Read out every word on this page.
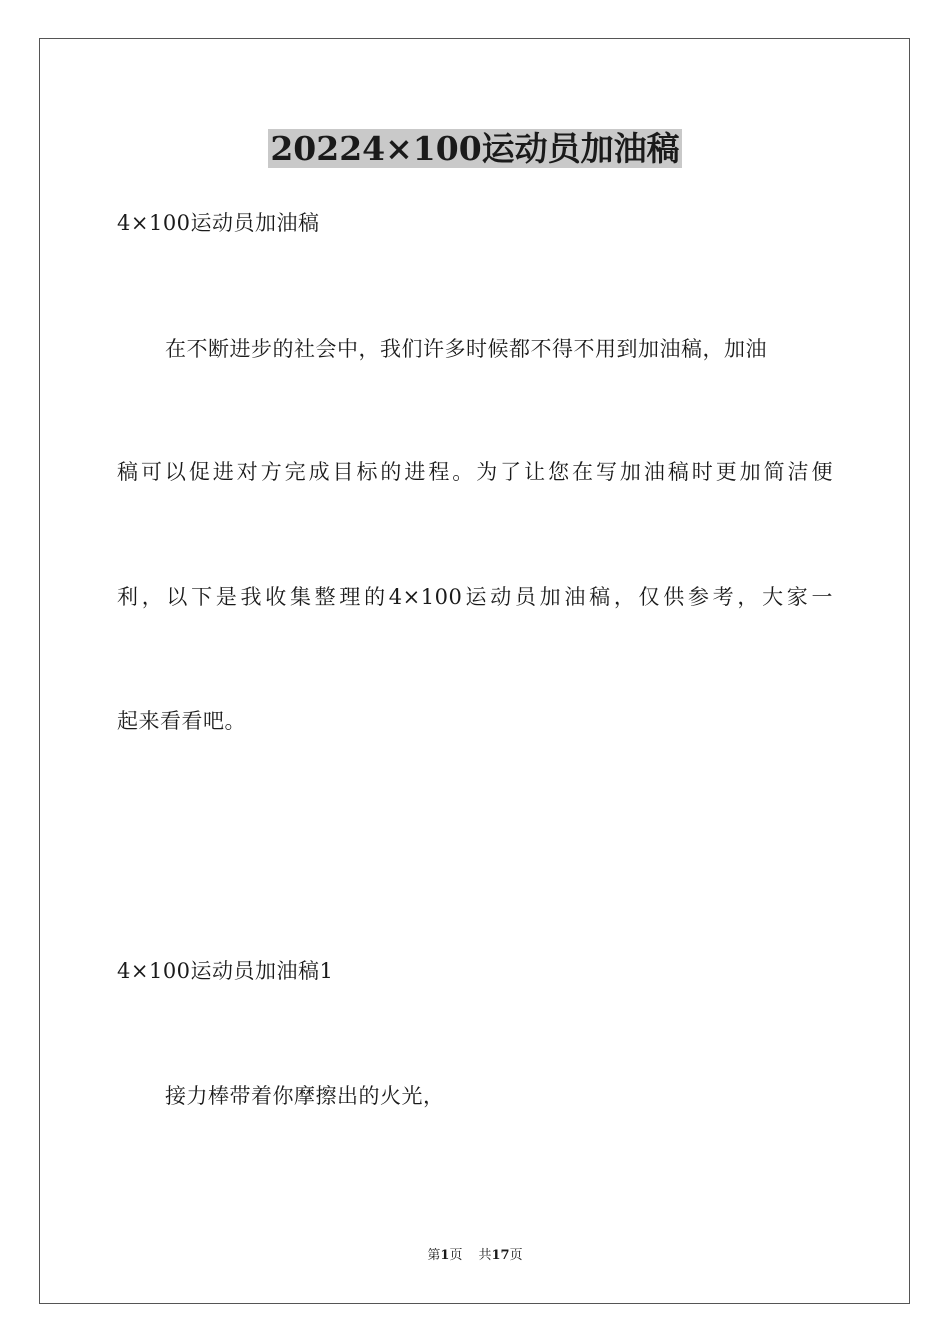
20224×100运动员加油稿
4×100运动员加油稿
在不断进步的社会中，我们许多时候都不得不用到加油稿，加油
稿可以促进对方完成目标的进程。为了让您在写加油稿时更加简洁便
利，以下是我收集整理的4×100运动员加油稿，仅供参考，大家一
起来看看吧。
4×100运动员加油稿1
接力棒带着你摩擦出的火光，
第1页 共17页
